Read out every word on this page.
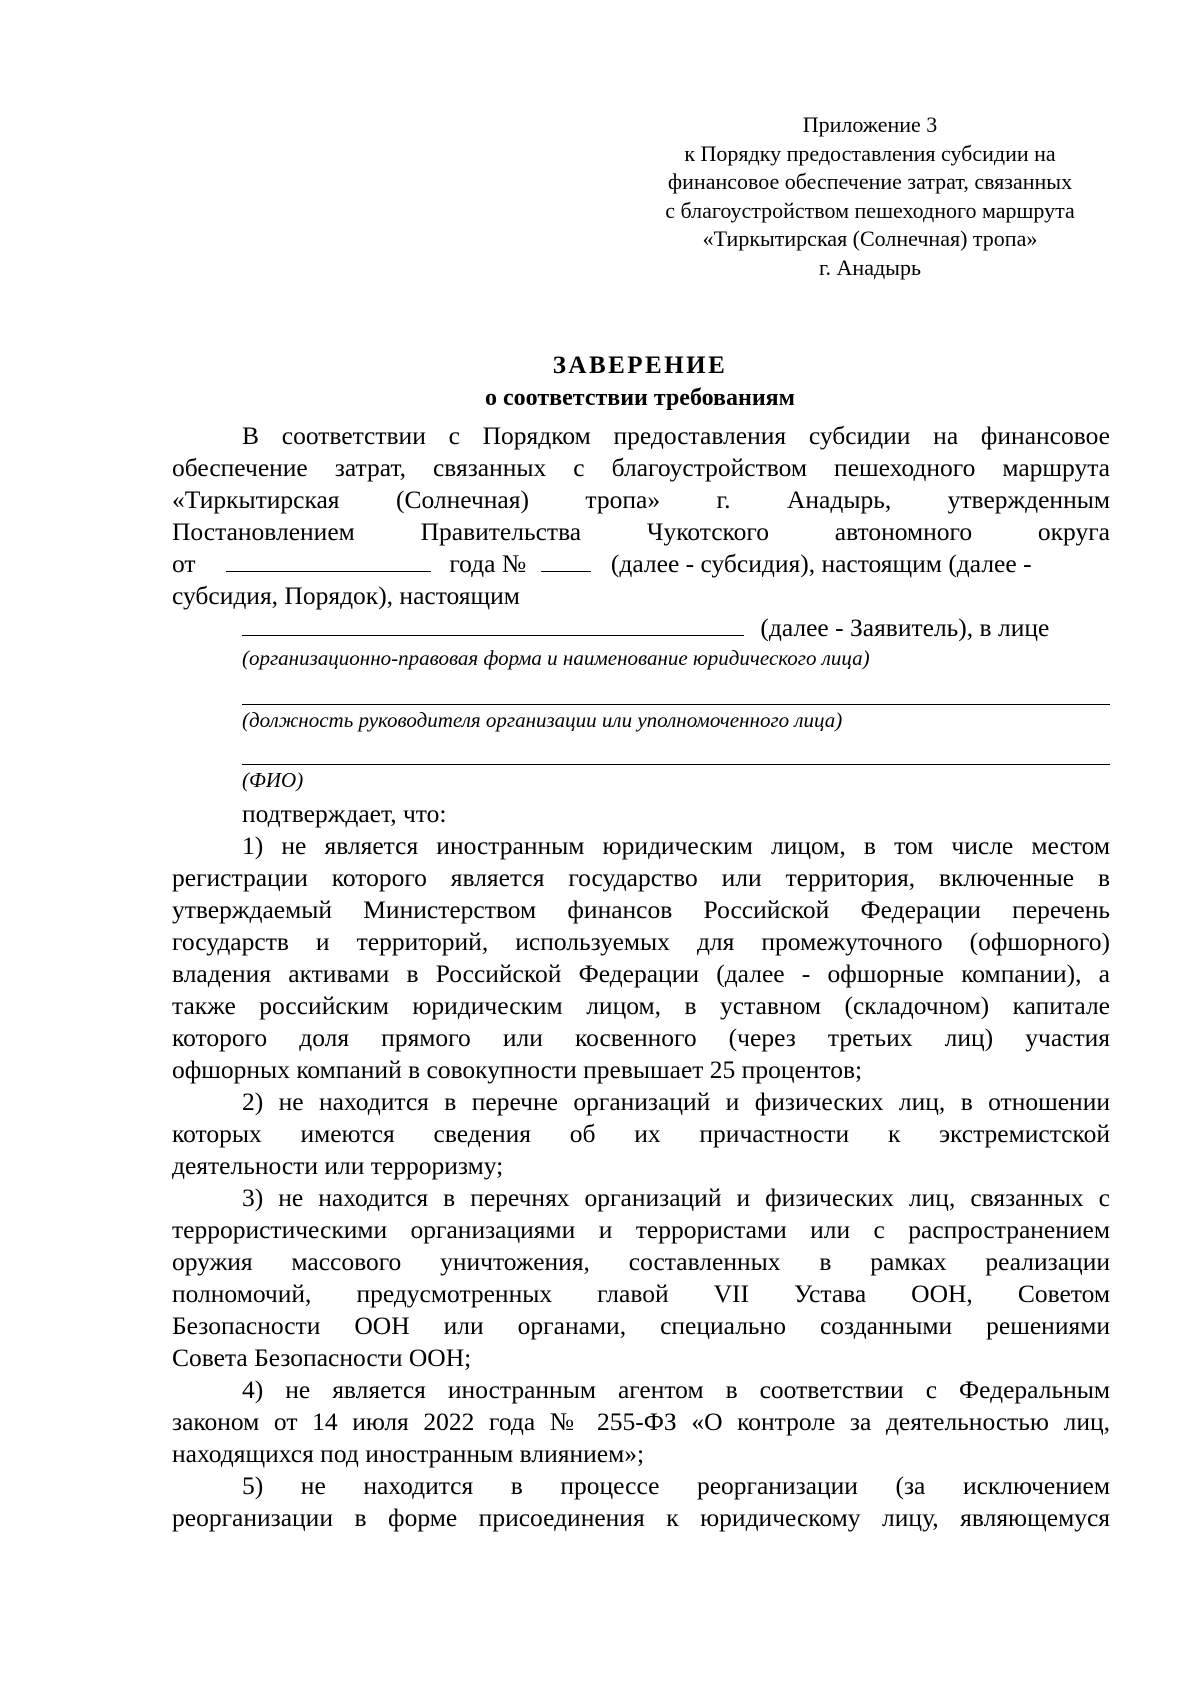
Приложение 3
к Порядку предоставления субсидии на
финансовое обеспечение затрат, связанных
с благоустройством пешеходного маршрута
«Тиркытирская (Солнечная) тропа»
г. Анадырь
ЗАВЕРЕНИЕ
о соответствии требованиям
В соответствии с Порядком предоставления субсидии на финансовое
обеспечение затрат, связанных с благоустройством пешеходного маршрута
«Тиркытирская (Солнечная) тропа» г. Анадырь, утвержденным
Постановлением Правительства Чукотского автономного округа
от	года №	(далее - субсидия), настоящим (далее -
субсидия, Порядок), настоящим
(далее - Заявитель), в лице
(организационно-правовая форма и наименование юридического лица)
(должность руководителя организации или уполномоченного лица)
(ФИО)
подтверждает, что:
1) не является иностранным юридическим лицом, в том числе местом
регистрации которого является государство или территория, включенные в
утверждаемый Министерством финансов Российской Федерации перечень
государств и территорий, используемых для промежуточного (офшорного)
владения активами в Российской Федерации (далее - офшорные компании), а
также российским юридическим лицом, в уставном (складочном) капитале
которого доля прямого или косвенного (через третьих лиц) участия
офшорных компаний в совокупности превышает 25 процентов;
2) не находится в перечне организаций и физических лиц, в отношении
которых имеются сведения об их причастности к экстремистской
деятельности или терроризму;
3) не находится в перечнях организаций и физических лиц, связанных с
террористическими организациями и террористами или с распространением
оружия массового уничтожения, составленных в рамках реализации
полномочий, предусмотренных главой VII Устава ООН, Советом
Безопасности ООН или органами, специально созданными решениями
Совета Безопасности ООН;
4) не является иностранным агентом в соответствии с Федеральным
законом от 14 июля 2022 года № 255-ФЗ «О контроле за деятельностью лиц,
находящихся под иностранным влиянием»;
5) не находится в процессе реорганизации (за исключением
реорганизации в форме присоединения к юридическому лицу, являющемуся
